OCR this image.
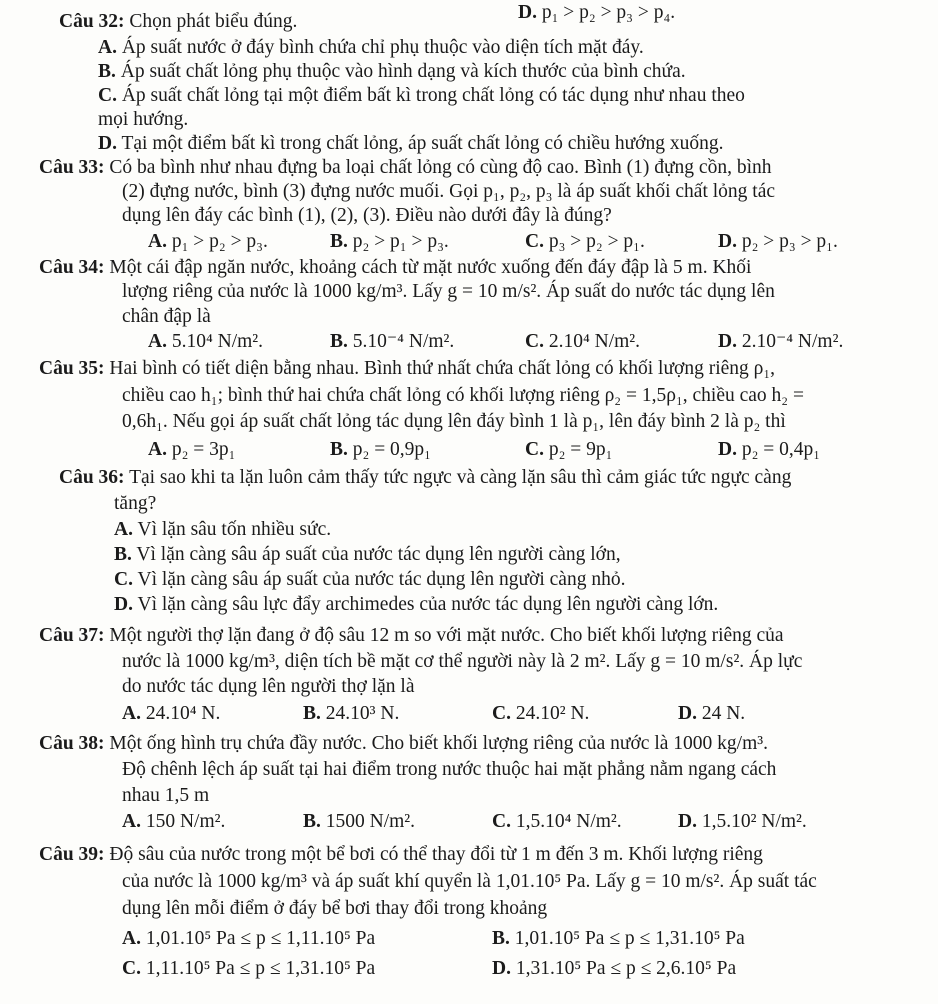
D. p₁ > p₂ > p₃ > p₄.
Câu 32: Chọn phát biểu đúng.
A. Áp suất nước ở đáy bình chứa chỉ phụ thuộc vào diện tích mặt đáy.
B. Áp suất chất lỏng phụ thuộc vào hình dạng và kích thước của bình chứa.
C. Áp suất chất lỏng tại một điểm bất kì trong chất lỏng có tác dụng như nhau theo
mọi hướng.
D. Tại một điểm bất kì trong chất lỏng, áp suất chất lỏng có chiều hướng xuống.
Câu 33: Có ba bình như nhau đựng ba loại chất lỏng có cùng độ cao. Bình (1) đựng cồn, bình
(2) đựng nước, bình (3) đựng nước muối. Gọi p₁, p₂, p₃ là áp suất khối chất lỏng tác
dụng lên đáy các bình (1), (2), (3). Điều nào dưới đây là đúng?
A. p₁ > p₂ > p₃.	B. p₂ > p₁ > p₃.	C. p₃ > p₂ > p₁.	D. p₂ > p₃ > p₁.
Câu 34: Một cái đập ngăn nước, khoảng cách từ mặt nước xuống đến đáy đập là 5 m. Khối
lượng riêng của nước là 1000 kg/m³. Lấy g = 10 m/s². Áp suất do nước tác dụng lên
chân đập là
A. 5.10⁴ N/m².	B. 5.10⁻⁴ N/m².	C. 2.10⁴ N/m².	D. 2.10⁻⁴ N/m².
Câu 35: Hai bình có tiết diện bằng nhau. Bình thứ nhất chứa chất lỏng có khối lượng riêng ρ₁,
chiều cao h₁; bình thứ hai chứa chất lỏng có khối lượng riêng ρ₂ = 1,5ρ₁, chiều cao h₂ =
0,6h₁. Nếu gọi áp suất chất lỏng tác dụng lên đáy bình 1 là p₁, lên đáy bình 2 là p₂ thì
A. p₂ = 3p₁	B. p₂ = 0,9p₁	C. p₂ = 9p₁	D. p₂ = 0,4p₁
Câu 36: Tại sao khi ta lặn luôn cảm thấy tức ngực và càng lặn sâu thì cảm giác tức ngực càng
tăng?
A. Vì lặn sâu tốn nhiều sức.
B. Vì lặn càng sâu áp suất của nước tác dụng lên người càng lớn,
C. Vì lặn càng sâu áp suất của nước tác dụng lên người càng nhỏ.
D. Vì lặn càng sâu lực đẩy archimedes của nước tác dụng lên người càng lớn.
Câu 37: Một người thợ lặn đang ở độ sâu 12 m so với mặt nước. Cho biết khối lượng riêng của
nước là 1000 kg/m³, diện tích bề mặt cơ thể người này là 2 m². Lấy g = 10 m/s². Áp lực
do nước tác dụng lên người thợ lặn là
A. 24.10⁴ N.	B. 24.10³ N.	C. 24.10² N.	D. 24 N.
Câu 38: Một ống hình trụ chứa đầy nước. Cho biết khối lượng riêng của nước là 1000 kg/m³.
Độ chênh lệch áp suất tại hai điểm trong nước thuộc hai mặt phẳng nằm ngang cách
nhau 1,5 m
A. 150 N/m².	B. 1500 N/m².	C. 1,5.10⁴ N/m².	D. 1,5.10² N/m².
Câu 39: Độ sâu của nước trong một bể bơi có thể thay đổi từ 1 m đến 3 m. Khối lượng riêng
của nước là 1000 kg/m³ và áp suất khí quyển là 1,01.10⁵ Pa. Lấy g = 10 m/s². Áp suất tác
dụng lên mỗi điểm ở đáy bể bơi thay đổi trong khoảng
A. 1,01.10⁵ Pa ≤ p ≤ 1,11.10⁵ Pa	B. 1,01.10⁵ Pa ≤ p ≤ 1,31.10⁵ Pa
C. 1,11.10⁵ Pa ≤ p ≤ 1,31.10⁵ Pa	D. 1,31.10⁵ Pa ≤ p ≤ 2,6.10⁵ Pa
